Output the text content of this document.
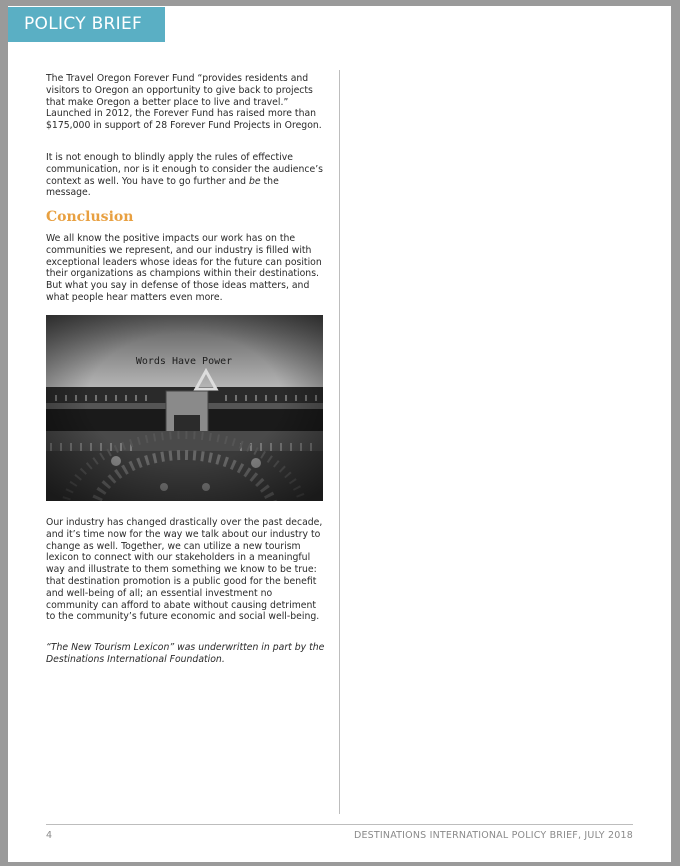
POLICY BRIEF

The Travel Oregon Forever Fund “provides residents and visitors to Oregon an opportunity to give back to projects that make Oregon a better place to live and travel.” Launched in 2012, the Forever Fund has raised more than $175,000 in support of 28 Forever Fund Projects in Oregon.

It is not enough to blindly apply the rules of effective communication, nor is it enough to consider the audience’s context as well. You have to go further and be the message.

Conclusion

We all know the positive impacts our work has on the communities we represent, and our industry is filled with exceptional leaders whose ideas for the future can position their organizations as champions within their destinations. But what you say in defense of those ideas matters, and what people hear matters even more.

Our industry has changed drastically over the past decade, and it’s time now for the way we talk about our industry to change as well. Together, we can utilize a new tourism lexicon to connect with our stakeholders in a meaningful way and illustrate to them something we know to be true: that destination promotion is a public good for the benefit and well-being of all; an essential investment no community can afford to abate without causing detriment to the community’s future economic and social well-being.

“The New Tourism Lexicon” was underwritten in part by the Destinations International Foundation.

4	DESTINATIONS INTERNATIONAL POLICY BRIEF, JULY 2018
